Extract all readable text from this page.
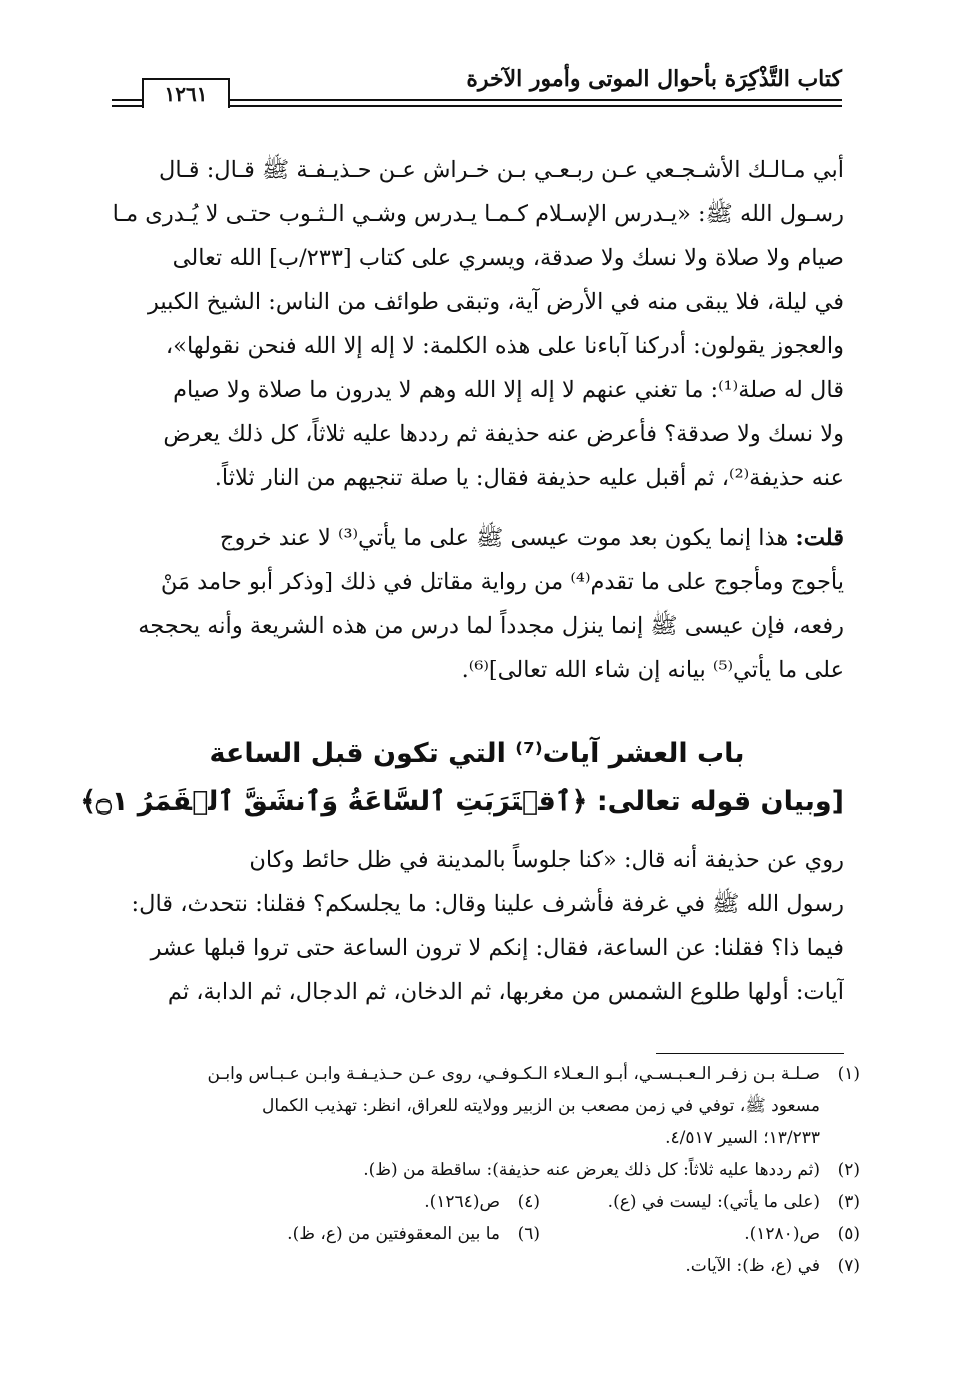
كتاب التَّذْكِرَة بأحوال الموتى وأمور الآخرة
١٢٦١
أبي مـالـك الأشـجـعي عـن ربـعـي بـن خـراش عـن حـذيـفـة ﷺ قـال: قـال
رسـول الله ﷺ: «يـدرس الإسـلام كـمـا يـدرس وشـي الـثـوب حتـى لا يُـدرى مـا
صيام ولا صلاة ولا نسك ولا صدقة، ويسري على كتاب [٢٣٣/ب] الله تعالى
في ليلة، فلا يبقى منه في الأرض آية، وتبقى طوائف من الناس: الشيخ الكبير
والعجوز يقولون: أدركنا آباءنا على هذه الكلمة: لا إله إلا الله فنحن نقولها»،
قال له صلة⁽¹⁾: ما تغني عنهم لا إله إلا الله وهم لا يدرون ما صلاة ولا صيام
ولا نسك ولا صدقة؟ فأعرض عنه حذيفة ثم رددها عليه ثلاثاً، كل ذلك يعرض
عنه حذيفة⁽²⁾، ثم أقبل عليه حذيفة فقال: يا صلة تنجيهم من النار ثلاثاً.
قلت: هذا إنما يكون بعد موت عيسى ﷺ على ما يأتي⁽³⁾ لا عند خروج
يأجوج ومأجوج على ما تقدم⁽⁴⁾ من رواية مقاتل في ذلك [وذكر أبو حامد مَنْ
رفعه، فإن عيسى ﷺ إنما ينزل مجدداً لما درس من هذه الشريعة وأنه يحججه
على ما يأتي⁽⁵⁾ بيانه إن شاء الله تعالى]⁽⁶⁾.
باب العشر آيات⁽⁷⁾ التي تكون قبل الساعة
[وبيان قوله تعالى: ﴿ٱقۡتَرَبَتِ ٱلسَّاعَةُ وَٱنشَقَّ ٱلۡقَمَرُ ۝١﴾
روي عن حذيفة أنه قال: «كنا جلوساً بالمدينة في ظل حائط وكان
رسول الله ﷺ في غرفة فأشرف علينا وقال: ما يجلسكم؟ فقلنا: نتحدث، قال:
فيما ذا؟ فقلنا: عن الساعة، فقال: إنكم لا ترون الساعة حتى تروا قبلها عشر
آيات: أولها طلوع الشمس من مغربها، ثم الدخان، ثم الدجال، ثم الدابة، ثم
(١)صـلـة بـن زفـر الـعـبـسـي، أبـو الـعـلاء الـكـوفـي، روى عـن حـذيـفـة وابـن عـبـاس وابـن
مسعود ﷺ، توفي في زمن مصعب بن الزبير وولايته للعراق، انظر: تهذيب الكمال
١٣/٢٣٣؛ السير ٤/٥١٧.
(٢)(ثم رددها عليه ثلاثاً: كل ذلك يعرض عنه حذيفة): ساقطة من (ظ).
(٣)(على ما يأتي): ليست في (ع).(٤)ص(١٢٦٤).
(٥)ص(١٢٨٠).(٦)ما بين المعقوفتين من (ع، ظ).
(٧)في (ع، ظ): الآيات.
